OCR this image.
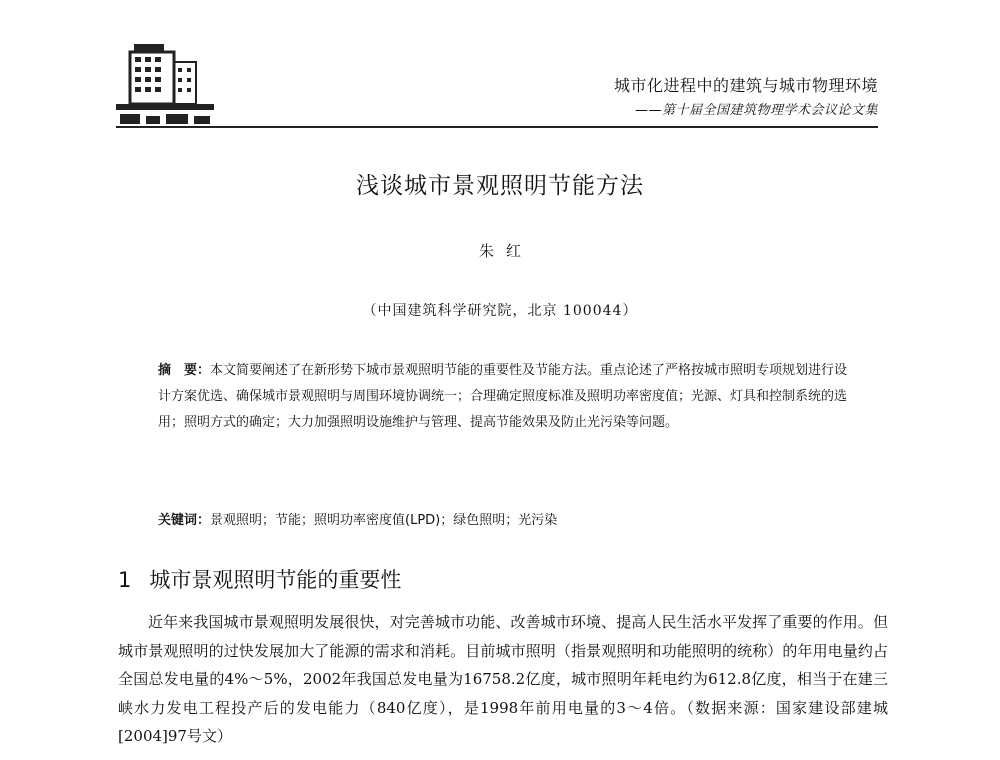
城市化进程中的建筑与城市物理环境
——第十届全国建筑物理学术会议论文集
浅谈城市景观照明节能方法
朱红
（中国建筑科学研究院，北京 100044）
摘　要：本文简要阐述了在新形势下城市景观照明节能的重要性及节能方法。重点论述了严格按城市照明专项规划进行设计方案优选、确保城市景观照明与周围环境协调统一；合理确定照度标准及照明功率密度值；光源、灯具和控制系统的选用；照明方式的确定；大力加强照明设施维护与管理、提高节能效果及防止光污染等问题。
关键词：景观照明；节能；照明功率密度值(LPD)；绿色照明；光污染
1 城市景观照明节能的重要性

近年来我国城市景观照明发展很快，对完善城市功能、改善城市环境、提高人民生活水平发挥了重要的作用。但城市景观照明的过快发展加大了能源的需求和消耗。目前城市照明（指景观照明和功能照明的统称）的年用电量约占全国总发电量的4%～5%，2002年我国总发电量为16758.2亿度，城市照明年耗电约为612.8亿度，相当于在建三峡水力发电工程投产后的发电能力（840亿度），是1998年前用电量的3～4倍。（数据来源：国家建设部建城[2004]97号文）
